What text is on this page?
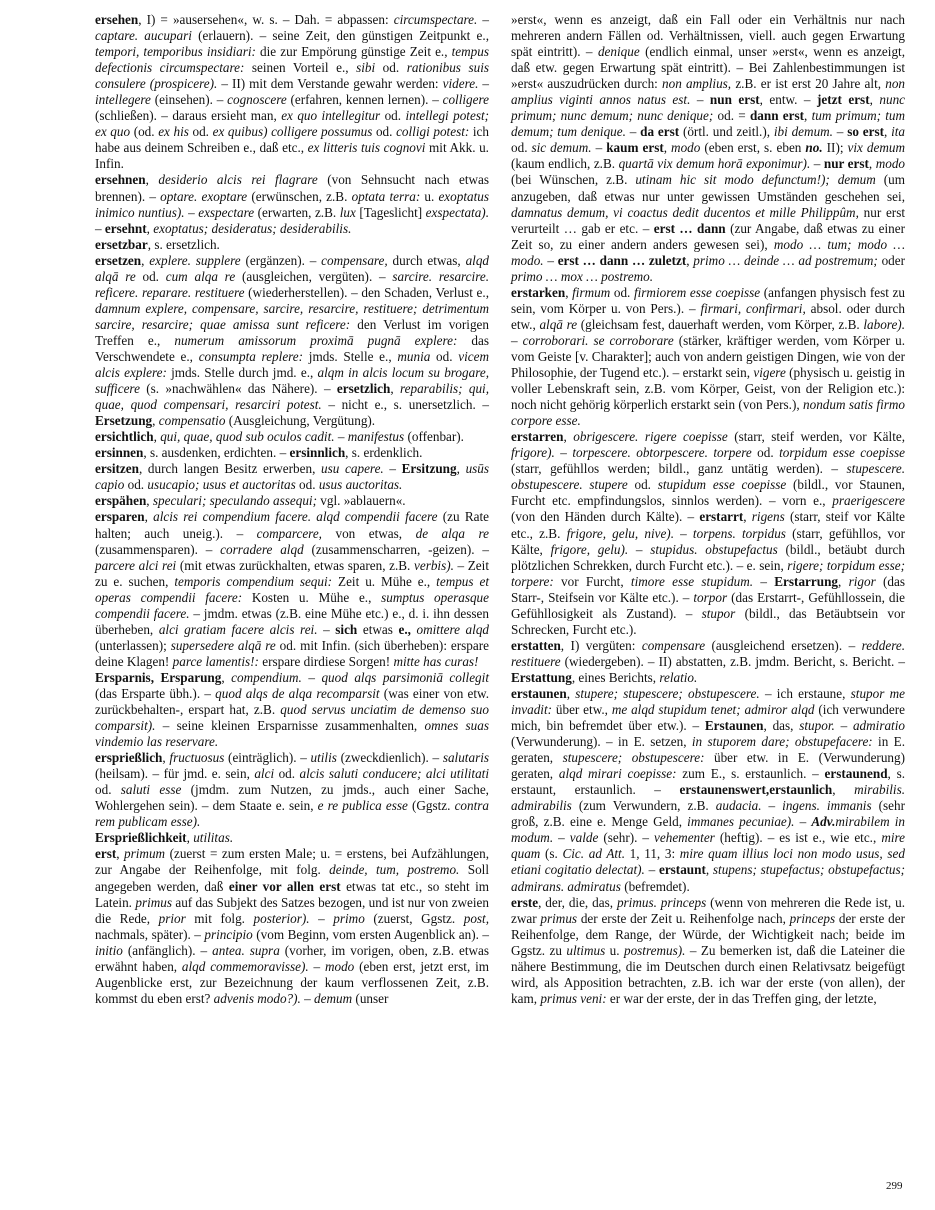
ersehen, I) = »ausersehen«, w. s. – Dah. = abpassen: circumspectare. – captare. aucupari (erlauern). – seine Zeit, den günstigen Zeitpunkt e., tempori, temporibus insidiari: die zur Empörung günstige Zeit e., tempus defectionis circumspectare: seinen Vorteil e., sibi od. rationibus suis consulere (prospicere). – II) mit dem Verstande gewahr werden: videre. – intellegere (einsehen). – cognoscere (erfahren, kennen lernen). – colligere (schließen). – daraus ersieht man, ex quo intellegitur od. intellegi potest; ex quo (od. ex his od. ex quibus) colligere possumus od. colligi potest: ich habe aus deinem Schreiben e., daß etc., ex litteris tuis cognovi mit Akk. u. Infin.

ersehnen, desiderio alcis rei flagrare (von Sehnsucht nach etwas brennen). – optare. exoptare (erwünschen, z.B. optata terra: u. exoptatus inimico nuntius). – exspectare (erwarten, z.B. lux [Tageslicht] exspectata). – ersehnt, exoptatus; desideratus; desiderabilis.

ersetzbar, s. ersetzlich.

ersetzen, explere. supplere (ergänzen). – compensare, durch etwas, alqd alqā re od. cum alqa re (ausgleichen, vergüten). – sarcire. resarcire. reficere. reparare. restituere (wiederherstellen). – den Schaden, Verlust e., damnum explere, compensare, sarcire, resarcire, restituere; detrimentum sarcire, resarcire; quae amissa sunt reficere: den Verlust im vorigen Treffen e., numerum amissorum proximā pugnā explere: das Verschwendete e., consumpta replere: jmds. Stelle e., munia od. vicem alcis explere: jmds. Stelle durch jmd. e., alqm in alcis locum su brogare, sufficere (s. »nachwählen« das Nähere). – ersetzlich, reparabilis; qui, quae, quod compensari, resarciri potest. – nicht e., s. unersetzlich. – Ersetzung, compensatio (Ausgleichung, Vergütung).

ersichtlich, qui, quae, quod sub oculos cadit. – manifestus (offenbar).

ersinnen, s. ausdenken, erdichten. – ersinnlich, s. erdenklich.

ersitzen, durch langen Besitz erwerben, usu capere. – Ersitzung, usūs capio od. usucapio; usus et auctoritas od. usus auctoritas.

erspähen, speculari; speculando assequi; vgl. »ablauern«.

ersparen, alcis rei compendium facere. alqd compendii facere (zu Rate halten; auch uneig.). – comparcere, von etwas, de alqa re (zusammensparen). – corradere alqd (zusammenscharren, -geizen). – parcere alci rei (mit etwas zurückhalten, etwas sparen, z.B. verbis). – Zeit zu e. suchen, temporis compendium sequi: Zeit u. Mühe e., tempus et operas compendii facere: Kosten u. Mühe e., sumptus operasque compendii facere. – jmdm. etwas (z.B. eine Mühe etc.) e., d. i. ihn dessen überheben, alci gratiam facere alcis rei. – sich etwas e., omittere alqd (unterlassen); supersedere alqā re od. mit Infin. (sich überheben): erspare deine Klagen! parce lamentis!: erspare dirdiese Sorgen! mitte has curas!

Ersparnis, Ersparung, compendium. – quod alqs parsimoniā collegit (das Ersparte übh.). – quod alqs de alqa recomparsit (was einer von etw. zurückbehalten-, erspart hat, z.B. quod servus unciatim de demenso suo comparsit). – seine kleinen Ersparnisse zusammenhalten, omnes suas vindemio las reservare.

ersprießlich, fructuosus (einträglich). – utilis (zweckdienlich). – salutaris (heilsam). – für jmd. e. sein, alci od. alcis saluti conducere; alci utilitati od. saluti esse (jmdm. zum Nutzen, zu jmds., auch einer Sache, Wohlergehen sein). – dem Staate e. sein, e re publica esse (Ggstz. contra rem publicam esse).

Ersprießlichkeit, utilitas.

erst, primum (zuerst = zum ersten Male; u. = erstens, bei Aufzählungen, zur Angabe der Reihenfolge, mit folg. deinde, tum, postremo. Soll angegeben werden, daß einer vor allen erst etwas tat etc., so steht im Latein. primus auf das Subjekt des Satzes bezogen, und ist nur von zweien die Rede, prior mit folg. posterior). – primo (zuerst, Ggstz. post, nachmals, später). – principio (vom Beginn, vom ersten Augenblick an). – initio (anfänglich). – antea. supra (vorher, im vorigen, oben, z.B. etwas erwähnt haben, alqd commemoravisse). – modo (eben erst, jetzt erst, im Augenblicke erst, zur Bezeichnung der kaum verflossenen Zeit, z.B. kommst du eben erst? advenis modo?). – demum (unser

»erst«, wenn es anzeigt, daß ein Fall oder ein Verhältnis nur nach mehreren andern Fällen od. Verhältnissen, viell. auch gegen Erwartung spät eintritt). – denique (endlich einmal, unser »erst«, wenn es anzeigt, daß etw. gegen Erwartung spät eintritt). – Bei Zahlenbestimmungen ist »erst« auszudrücken durch: non amplius, z.B. er ist erst 20 Jahre alt, non amplius viginti annos natus est. – nun erst, entw. – jetzt erst, nunc primum; nunc demum; nunc denique; od. = dann erst, tum primum; tum demum; tum denique. – da erst (örtl. und zeitl.), ibi demum. – so erst, ita od. sic demum. – kaum erst, modo (eben erst, s. eben no. II); vix demum (kaum endlich, z.B. quartā vix demum horā exponimur). – nur erst, modo (bei Wünschen, z.B. utinam hic sit modo defunctum!); demum (um anzugeben, daß etwas nur unter gewissen Umständen geschehen sei, damnatus demum, vi coactus dedit ducentos et mille Philippûm, nur erst verurteilt … gab er etc. – erst … dann (zur Angabe, daß etwas zu einer Zeit so, zu einer andern anders gewesen sei), modo … tum; modo … modo. – erst … dann … zuletzt, primo … deinde … ad postremum; oder primo … mox … postremo.

erstarken, firmum od. firmiorem esse coepisse (anfangen physisch fest zu sein, vom Körper u. von Pers.). – firmari, confirmari, absol. oder durch etw., alqā re (gleichsam fest, dauerhaft werden, vom Körper, z.B. labore). – corroborari. se corroborare (stärker, kräftiger werden, vom Körper u. vom Geiste [v. Charakter]; auch von andern geistigen Dingen, wie von der Philosophie, der Tugend etc.). – erstarkt sein, vigere (physisch u. geistig in voller Lebenskraft sein, z.B. vom Körper, Geist, von der Religion etc.): noch nicht gehörig körperlich erstarkt sein (von Pers.), nondum satis firmo corpore esse.

erstarren, obrigescere. rigere coepisse (starr, steif werden, vor Kälte, frigore). – torpescere. obtorpescere. torpere od. torpidum esse coepisse (starr, gefühllos werden; bildl., ganz untätig werden). – stupescere. obstupescere. stupere od. stupidum esse coepisse (bildl., vor Staunen, Furcht etc. empfindungslos, sinnlos werden). – vorn e., praerigescere (von den Händen durch Kälte). – erstarrt, rigens (starr, steif vor Kälte etc., z.B. frigore, gelu, nive). – torpens. torpidus (starr, gefühllos, vor Kälte, frigore, gelu). – stupidus. obstupefactus (bildl., betäubt durch plötzlichen Schrekken, durch Furcht etc.). – e. sein, rigere; torpidum esse; torpere: vor Furcht, timore esse stupidum. – Erstarrung, rigor (das Starr-, Steifsein vor Kälte etc.). – torpor (das Erstarrt-, Gefühllossein, die Gefühllosigkeit als Zustand). – stupor (bildl., das Betäubtsein vor Schrecken, Furcht etc.).

erstatten, I) vergüten: compensare (ausgleichend ersetzen). – reddere. restituere (wiedergeben). – II) abstatten, z.B. jmdm. Bericht, s. Bericht. – Erstattung, eines Berichts, relatio.

erstaunen, stupere; stupescere; obstupescere. – ich erstaune, stupor me invadit: über etw., me alqd stupidum tenet; admiror alqd (ich verwundere mich, bin befremdet über etw.). – Erstaunen, das, stupor. – admiratio (Verwunderung). – in E. setzen, in stuporem dare; obstupefacere: in E. geraten, stupescere; obstupescere: über etw. in E. (Verwunderung) geraten, alqd mirari coepisse: zum E., s. erstaunlich. – erstaunend, s. erstaunt, erstaunlich. – erstaunenswert,erstaunlich, mirabilis. admirabilis (zum Verwundern, z.B. audacia. – ingens. immanis (sehr groß, z.B. eine e. Menge Geld, immanes pecuniae). – Adv.mirabilem in modum. – valde (sehr). – vehementer (heftig). – es ist e., wie etc., mire quam (s. Cic. ad Att. 1, 11, 3: mire quam illius loci non modo usus, sed etiani cogitatio delectat). – erstaunt, stupens; stupefactus; obstupefactus; admirans. admiratus (befremdet).

erste, der, die, das, primus. princeps (wenn von mehreren die Rede ist, u. zwar primus der erste der Zeit u. Reihenfolge nach, princeps der erste der Reihenfolge, dem Range, der Würde, der Wichtigkeit nach; beide im Ggstz. zu ultimus u. postremus). – Zu bemerken ist, daß die Lateiner die nähere Bestimmung, die im Deutschen durch einen Relativsatz beigefügt wird, als Apposition betrachten, z.B. ich war der erste (von allen), der kam, primus veni: er war der erste, der in das Treffen ging, der letzte,

299
